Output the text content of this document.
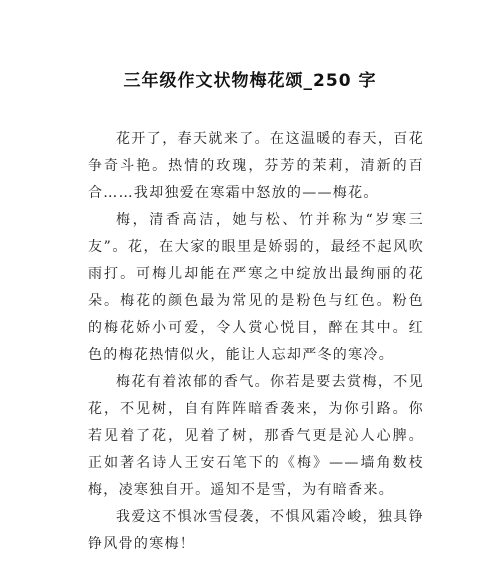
三年级作文状物梅花颂_250 字

花开了，春天就来了。在这温暖的春天，百花争奇斗艳。热情的玫瑰，芬芳的茉莉，清新的百合……我却独爱在寒霜中怒放的——梅花。

梅，清香高洁，她与松、竹并称为“岁寒三友”。花，在大家的眼里是娇弱的，最经不起风吹雨打。可梅儿却能在严寒之中绽放出最绚丽的花朵。梅花的颜色最为常见的是粉色与红色。粉色的梅花娇小可爱，令人赏心悦目，醉在其中。红色的梅花热情似火，能让人忘却严冬的寒冷。

梅花有着浓郁的香气。你若是要去赏梅，不见花，不见树，自有阵阵暗香袭来，为你引路。你若见着了花，见着了树，那香气更是沁人心脾。正如著名诗人王安石笔下的《梅》——墙角数枝梅，凌寒独自开。遥知不是雪，为有暗香来。

我爱这不惧冰雪侵袭，不惧风霜冷峻，独具铮铮风骨的寒梅！
